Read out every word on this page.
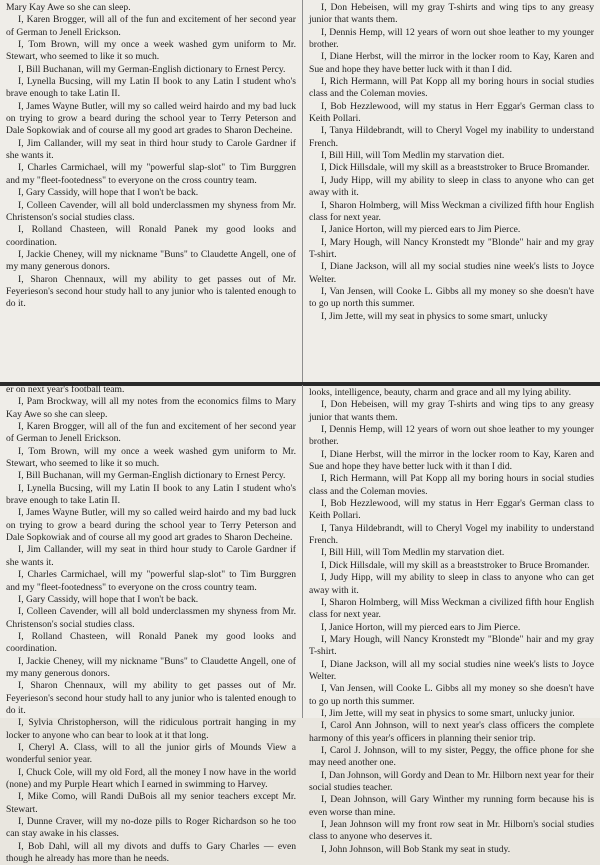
Mary Kay Awe so she can sleep.

I, Karen Brogger, will all of the fun and excitement of her second year of German to Jenell Erickson.

I, Tom Brown, will my once a week washed gym uniform to Mr. Stewart, who seemed to like it so much.

I, Bill Buchanan, will my German-English dictionary to Ernest Percy.

I, Lynella Bucsing, will my Latin II book to any Latin I student who's brave enough to take Latin II.

I, James Wayne Butler, will my so called weird hairdo and my bad luck on trying to grow a beard during the school year to Terry Peterson and Dale Sopkowiak and of course all my good art grades to Sharon Decheine.

I, Jim Callander, will my seat in third hour study to Carole Gardner if she wants it.

I, Charles Carmichael, will my "powerful slap-slot" to Tim Burggren and my "fleet-footedness" to everyone on the cross country team.

I, Gary Cassidy, will hope that I won't be back.

I, Colleen Cavender, will all bold underclassmen my shyness from Mr. Christenson's social studies class.

I, Rolland Chasteen, will Ronald Panek my good looks and coordination.

I, Jackie Cheney, will my nickname "Buns" to Claudette Angell, one of my many generous donors.

I, Sharon Chennaux, will my ability to get passes out of Mr. Feyerieson's second hour study hall to any junior who is talented enough to do it.

I, Don Hebeisen, will my gray T-shirts and wing tips to any greasy junior that wants them.

I, Dennis Hemp, will 12 years of worn out shoe leather to my younger brother.

I, Diane Herbst, will the mirror in the locker room to Kay, Karen and Sue and hope they have better luck with it than I did.

I, Rich Hermann, will Pat Kopp all my boring hours in social studies class and the Coleman movies.

I, Bob Hezzlewood, will my status in Herr Eggar's German class to Keith Pollari.

I, Tanya Hildebrandt, will to Cheryl Vogel my inability to understand French.

I, Bill Hill, will Tom Medlin my starvation diet.

I, Dick Hillsdale, will my skill as a breaststroker to Bruce Bromander.

I, Judy Hipp, will my ability to sleep in class to anyone who can get away with it.

I, Sharon Holmberg, will Miss Weckman a civilized fifth hour English class for next year.

I, Janice Horton, will my pierced ears to Jim Pierce.

I, Mary Hough, will Nancy Kronstedt my "Blonde" hair and my gray T-shirt.

I, Diane Jackson, will all my social studies nine week's lists to Joyce Welter.

I, Van Jensen, will Cooke L. Gibbs all my money so she doesn't have to go up north this summer.

I, Jim Jette, will my seat in physics to some smart, unlucky

er on next year's football team.

I, Pam Brockway, will all my notes from the economics films to Mary Kay Awe so she can sleep.

I, Karen Brogger, will all of the fun and excitement of her second year of German to Jenell Erickson.

I, Tom Brown, will my once a week washed gym uniform to Mr. Stewart, who seemed to like it so much.

I, Bill Buchanan, will my German-English dictionary to Ernest Percy.

I, Lynella Bucsing, will my Latin II book to any Latin I student who's brave enough to take Latin II.

I, James Wayne Butler, will my so called weird hairdo and my bad luck on trying to grow a beard during the school year to Terry Peterson and Dale Sopkowiak and of course all my good art grades to Sharon Decheine.

I, Jim Callander, will my seat in third hour study to Carole Gardner if she wants it.

I, Charles Carmichael, will my "powerful slap-slot" to Tim Burggren and my "fleet-footedness" to everyone on the cross country team.

I, Gary Cassidy, will hope that I won't be back.

I, Colleen Cavender, will all bold underclassmen my shyness from Mr. Christenson's social studies class.

I, Rolland Chasteen, will Ronald Panek my good looks and coordination.

I, Jackie Cheney, will my nickname "Buns" to Claudette Angell, one of my many generous donors.

I, Sharon Chennaux, will my ability to get passes out of Mr. Feyerieson's second hour study hall to any junior who is talented enough to do it.

I, Sylvia Christopherson, will the ridiculous portrait hanging in my locker to anyone who can bear to look at it that long.

I, Cheryl A. Class, will to all the junior girls of Mounds View a wonderful senior year.

I, Chuck Cole, will my old Ford, all the money I now have in the world (none) and my Purple Heart which I earned in swimming to Harvey.

I, Mike Como, will Randi DuBois all my senior teachers except Mr. Stewart.

I, Dunne Craver, will my no-doze pills to Roger Richardson so he too can stay awake in his classes.

I, Bob Dahl, will all my divots and duffs to Gary Charles — even though he already has more than he needs.

looks, intelligence, beauty, charm and grace and all my lying ability.

I, Don Hebeisen, will my gray T-shirts and wing tips to any greasy junior that wants them.

I, Dennis Hemp, will 12 years of worn out shoe leather to my younger brother.

I, Diane Herbst, will the mirror in the locker room to Kay, Karen and Sue and hope they have better luck with it than I did.

I, Rich Hermann, will Pat Kopp all my boring hours in social studies class and the Coleman movies.

I, Bob Hezzlewood, will my status in Herr Eggar's German class to Keith Pollari.

I, Tanya Hildebrandt, will to Cheryl Vogel my inability to understand French.

I, Bill Hill, will Tom Medlin my starvation diet.

I, Dick Hillsdale, will my skill as a breaststroker to Bruce Bromander.

I, Judy Hipp, will my ability to sleep in class to anyone who can get away with it.

I, Sharon Holmberg, will Miss Weckman a civilized fifth hour English class for next year.

I, Janice Horton, will my pierced ears to Jim Pierce.

I, Mary Hough, will Nancy Kronstedt my "Blonde" hair and my gray T-shirt.

I, Diane Jackson, will all my social studies nine week's lists to Joyce Welter.

I, Van Jensen, will Cooke L. Gibbs all my money so she doesn't have to go up north this summer.

I, Jim Jette, will my seat in physics to some smart, unlucky junior.

I, Carol Ann Johnson, will to next year's class officers the complete harmony of this year's officers in planning their senior trip.

I, Carol J. Johnson, will to my sister, Peggy, the office phone for she may need another one.

I, Dan Johnson, will Gordy and Dean to Mr. Hilborn next year for their social studies teacher.

I, Dean Johnson, will Gary Winther my running form because his is even worse than mine.

I, Jean Johnson will my front row seat in Mr. Hilborn's social studies class to anyone who deserves it.

I, John Johnson, will Bob Stank my seat in study.
